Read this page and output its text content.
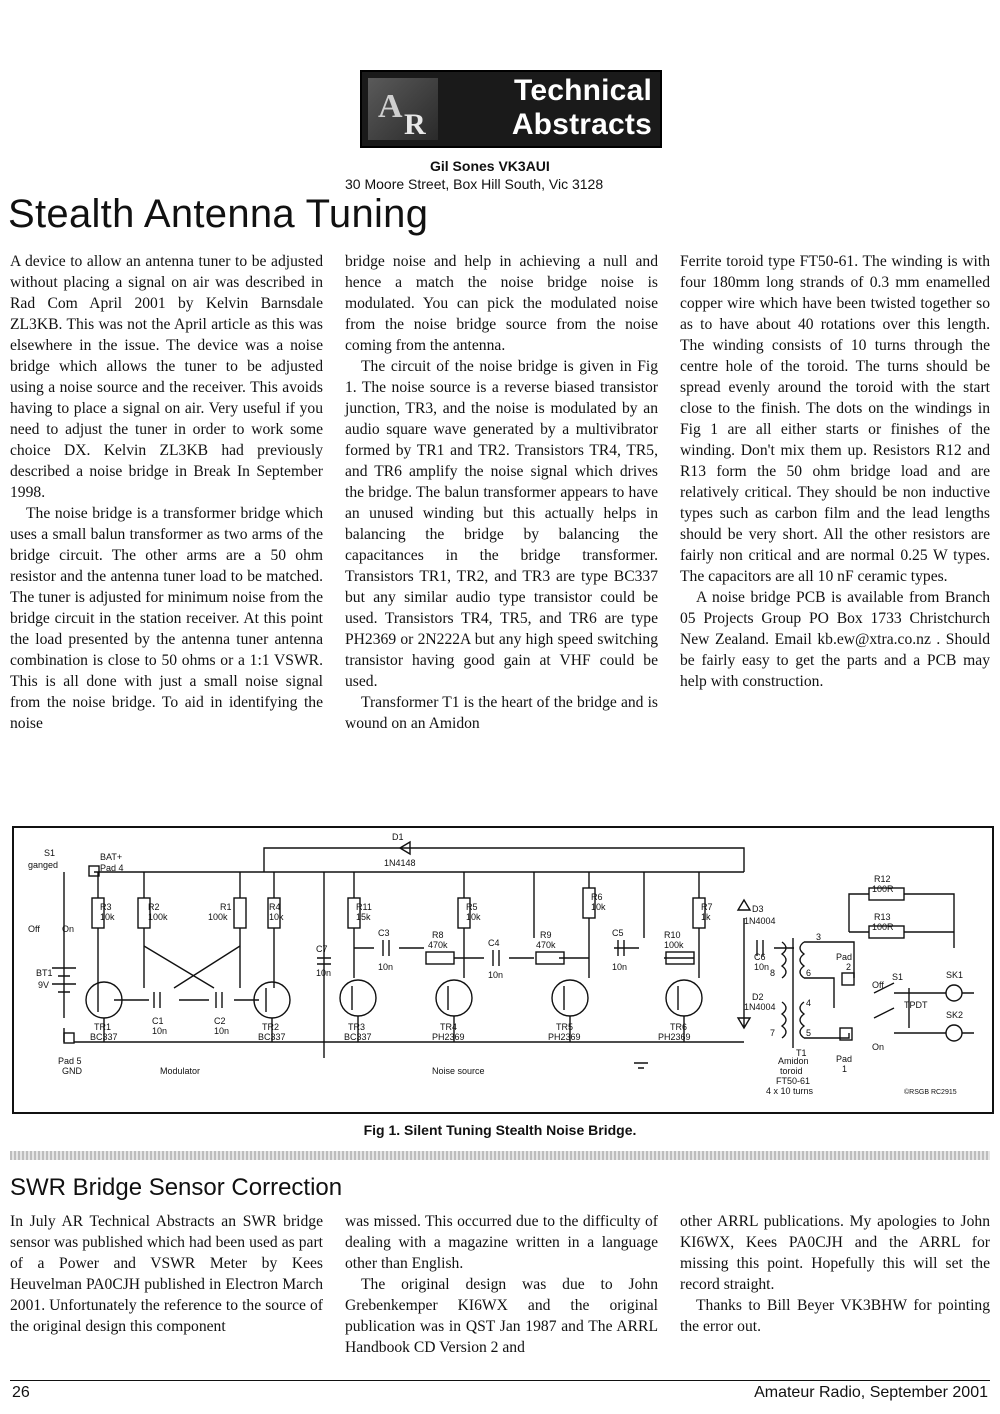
A R
Technical
Abstracts
Gil Sones VK3AUI
30 Moore Street, Box Hill South, Vic 3128
Stealth Antenna Tuning

A device to allow an antenna tuner to be adjusted without placing a signal on air was described in Rad Com April 2001 by Kelvin Barnsdale ZL3KB. This was not the April article as this was elsewhere in the issue. The device was a noise bridge which allows the tuner to be adjusted using a noise source and the receiver. This avoids having to place a signal on air. Very useful if you need to adjust the tuner in order to work some choice DX. Kelvin ZL3KB had previously described a noise bridge in Break In September 1998.

The noise bridge is a transformer bridge which uses a small balun transformer as two arms of the bridge circuit. The other arms are a 50 ohm resistor and the antenna tuner load to be matched. The tuner is adjusted for minimum noise from the bridge circuit in the station receiver. At this point the load presented by the antenna tuner antenna combination is close to 50 ohms or a 1:1 VSWR. This is all done with just a small noise signal from the noise bridge. To aid in identifying the noise

bridge noise and help in achieving a null and hence a match the noise bridge noise is modulated. You can pick the modulated noise from the noise bridge source from the noise coming from the antenna.

The circuit of the noise bridge is given in Fig 1. The noise source is a reverse biased transistor junction, TR3, and the noise is modulated by an audio square wave generated by a multivibrator formed by TR1 and TR2. Transistors TR4, TR5, and TR6 amplify the noise signal which drives the bridge. The balun transformer appears to have an unused winding but this actually helps in balancing the bridge by balancing the capacitances in the bridge transformer. Transistors TR1, TR2, and TR3 are type BC337 but any similar audio type transistor could be used. Transistors TR4, TR5, and TR6 are type PH2369 or 2N222A but any high speed switching transistor having good gain at VHF could be used.

Transformer T1 is the heart of the bridge and is wound on an Amidon

Ferrite toroid type FT50-61. The winding is with four 180mm long strands of 0.3 mm enamelled copper wire which have been twisted together so as to have about 40 rotations over this length. The winding consists of 10 turns through the centre hole of the toroid. The turns should be spread evenly around the toroid with the start close to the finish. The dots on the windings in Fig 1 are all either starts or finishes of the winding. Don't mix them up. Resistors R12 and R13 form the 50 ohm bridge load and are relatively critical. They should be non inductive types such as carbon film and the lead lengths should be very short. All the other resistors are fairly non critical and are normal 0.25 W types. The capacitors are all 10 nF ceramic types.

A noise bridge PCB is available from Branch 05 Projects Group PO Box 1733 Christchurch New Zealand. Email kb.ew@xtra.co.nz . Should be fairly easy to get the parts and a PCB may help with construction.

S1
ganged
BAT+
Pad 4
Off On
BT1
9V
Pad 5
GND	Modulator	Noise source
D1
1N4148
R3
10k
R2
100k
R1
100k
R4
10k
C1
10n
C2
10n
TR1
BC337
TR2
BC337
C7
10n
R11
15k
C3
10n
TR3
BC337
R8
470k
R5
10k
TR4
PH2369
C4
10n
R9
470k
R6
10k
TR5
PH2369
C5
10n
R10
100k
R7
1k
TR6
PH2369
D3
1N4004
D2
1N4004
C6
10n
T1
3
6
4
5
7
8
Pad
2
Pad
1
R12
100R
R13
100R
S1
TPDT
Off
On
SK1
SK2
Amidon
toroid
FT50-61
4 x 10 turns	©RSGB RC2915
Fig 1. Silent Tuning Stealth Noise Bridge.
SWR Bridge Sensor Correction

In July AR Technical Abstracts an SWR bridge sensor was published which had been used as part of a Power and VSWR Meter by Kees Heuvelman PA0CJH published in Electron March 2001. Unfortunately the reference to the source of the original design this component

was missed. This occurred due to the difficulty of dealing with a magazine written in a language other than English.

The original design was due to John Grebenkemper KI6WX and the original publication was in QST Jan 1987 and The ARRL Handbook CD Version 2 and

other ARRL publications. My apologies to John KI6WX, Kees PA0CJH and the ARRL for missing this point. Hopefully this will set the record straight.

Thanks to Bill Beyer VK3BHW for pointing the error out.

26	Amateur Radio, September 2001
